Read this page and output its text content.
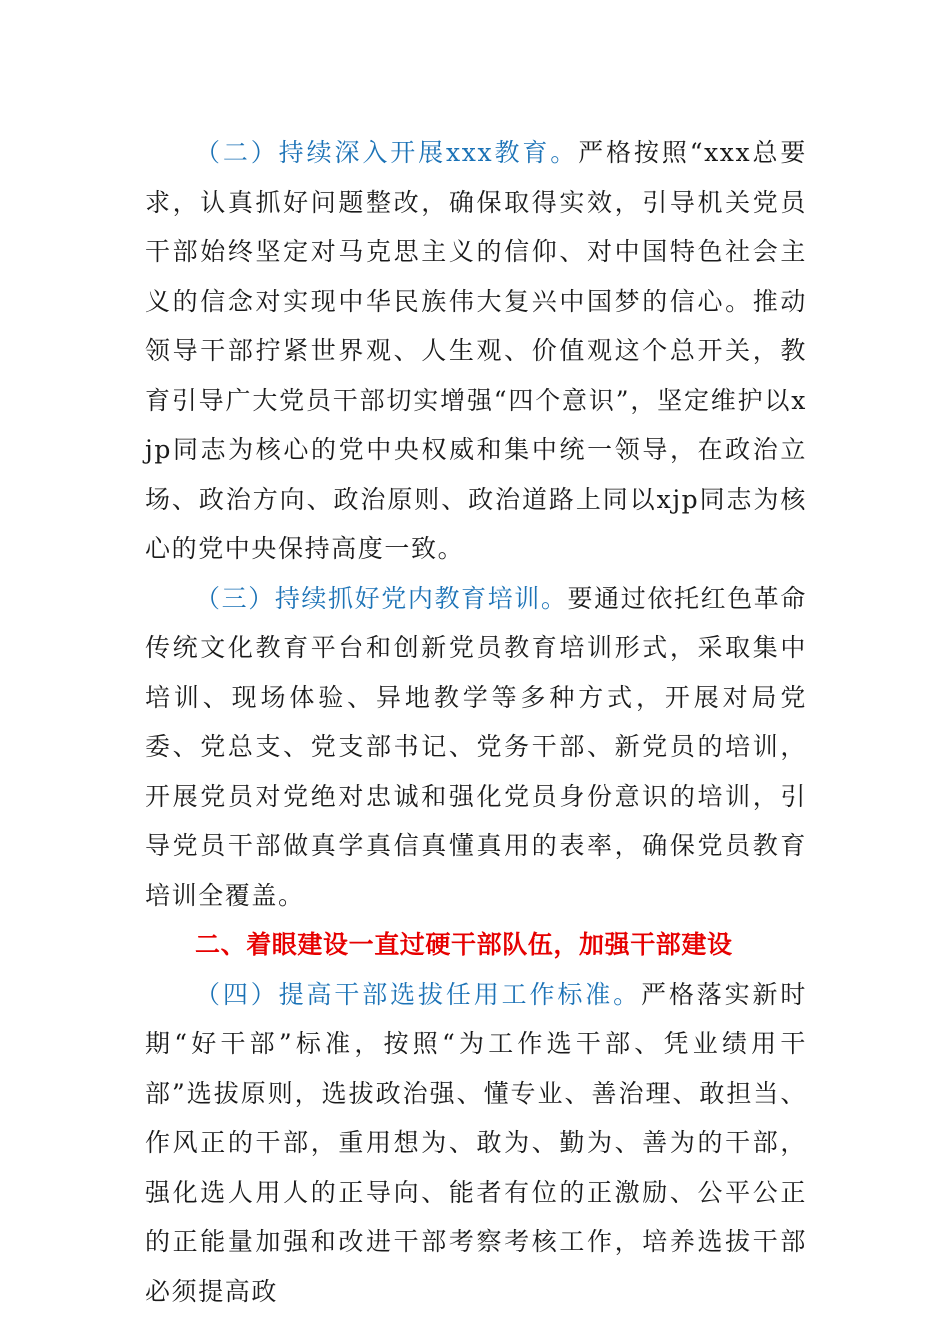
（二）持续深入开展xxx教育。严格按照“xxx总要求，认真抓好问题整改，确保取得实效，引导机关党员干部始终坚定对马克思主义的信仰、对中国特色社会主义的信念对实现中华民族伟大复兴中国梦的信心。推动领导干部拧紧世界观、人生观、价值观这个总开关，教育引导广大党员干部切实增强“四个意识”，坚定维护以xjp同志为核心的党中央权威和集中统一领导，在政治立场、政治方向、政治原则、政治道路上同以xjp同志为核心的党中央保持高度一致。

（三）持续抓好党内教育培训。要通过依托红色革命传统文化教育平台和创新党员教育培训形式，采取集中培训、现场体验、异地教学等多种方式，开展对局党委、党总支、党支部书记、党务干部、新党员的培训，开展党员对党绝对忠诚和强化党员身份意识的培训，引导党员干部做真学真信真懂真用的表率，确保党员教育培训全覆盖。

二、着眼建设一直过硬干部队伍，加强干部建设

（四）提高干部选拔任用工作标准。严格落实新时期“好干部”标准，按照“为工作选干部、凭业绩用干部”选拔原则，选拔政治强、懂专业、善治理、敢担当、作风正的干部，重用想为、敢为、勤为、善为的干部，强化选人用人的正导向、能者有位的正激励、公平公正的正能量加强和改进干部考察考核工作，培养选拔干部必须提高政
